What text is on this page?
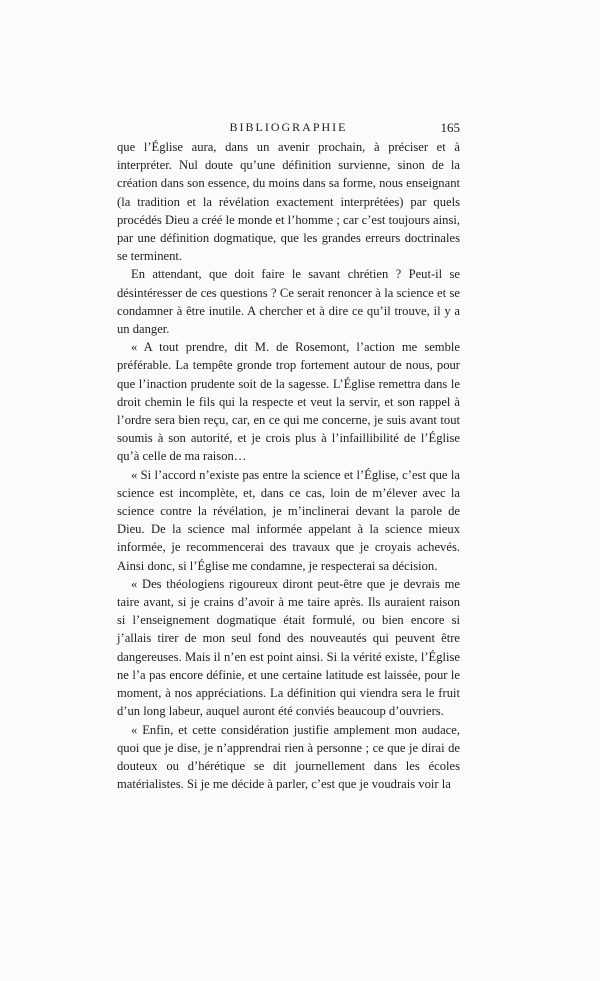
BIBLIOGRAPHIE	165

que l’Église aura, dans un avenir prochain, à préciser et à interpréter. Nul doute qu’une définition survienne, sinon de la création dans son essence, du moins dans sa forme, nous enseignant (la tradition et la révélation exactement interprétées) par quels procédés Dieu a créé le monde et l’homme ; car c’est toujours ainsi, par une définition dogmatique, que les grandes erreurs doctrinales se terminent.

En attendant, que doit faire le savant chrétien ? Peut-il se désintéresser de ces questions ? Ce serait renoncer à la science et se condamner à être inutile. A chercher et à dire ce qu’il trouve, il y a un danger.

« A tout prendre, dit M. de Rosemont, l’action me semble préférable. La tempête gronde trop fortement autour de nous, pour que l’inaction prudente soit de la sagesse. L’Église remettra dans le droit chemin le fils qui la respecte et veut la servir, et son rappel à l’ordre sera bien reçu, car, en ce qui me concerne, je suis avant tout soumis à son autorité, et je crois plus à l’infaillibilité de l’Église qu’à celle de ma raison…

« Si l’accord n’existe pas entre la science et l’Église, c’est que la science est incomplète, et, dans ce cas, loin de m’élever avec la science contre la révélation, je m’inclinerai devant la parole de Dieu. De la science mal informée appelant à la science mieux informée, je recommencerai des travaux que je croyais achevés. Ainsi donc, si l’Église me condamne, je respecterai sa décision.

« Des théologiens rigoureux diront peut-être que je devrais me taire avant, si je crains d’avoir à me taire après. Ils auraient raison si l’enseignement dogmatique était formulé, ou bien encore si j’allais tirer de mon seul fond des nouveautés qui peuvent être dangereuses. Mais il n’en est point ainsi. Si la vérité existe, l’Église ne l’a pas encore définie, et une certaine latitude est laissée, pour le moment, à nos appréciations. La définition qui viendra sera le fruit d’un long labeur, auquel auront été conviés beaucoup d’ouvriers.

« Enfin, et cette considération justifie amplement mon audace, quoi que je dise, je n’apprendrai rien à personne ; ce que je dirai de douteux ou d’hérétique se dit journellement dans les écoles matérialistes. Si je me décide à parler, c’est que je voudrais voir la
